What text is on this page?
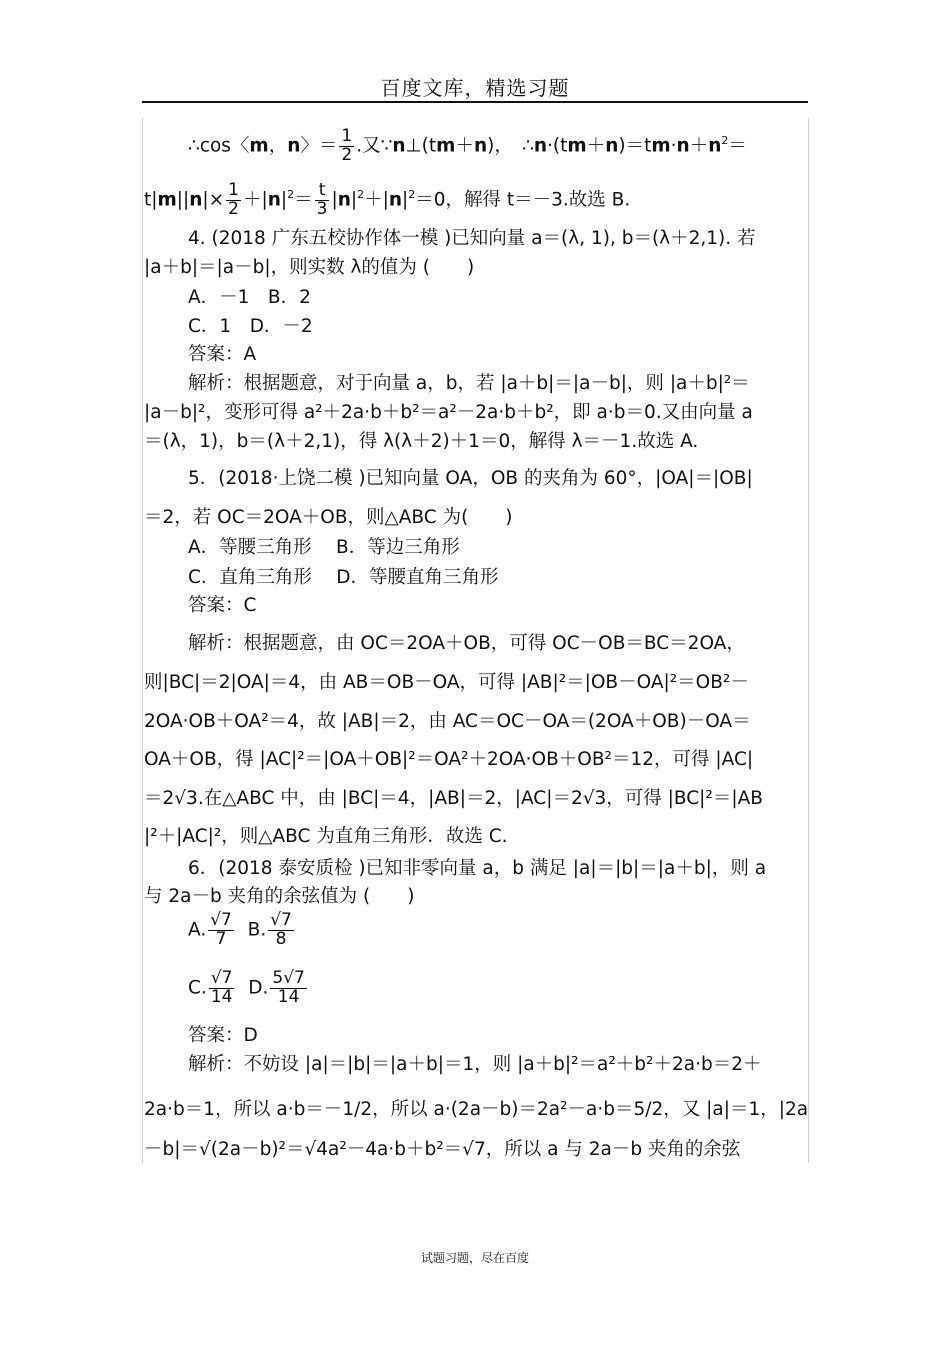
百度文库，精选习题
∴cos〈m，n〉＝ $\frac{1}{2}$ .又∵n⊥(tm＋n)，　$\therefore n\cdot(tm+n)=tm\cdot n+n^2=$
$t|m||n|\times \frac{1}{2} +|n|^2= \frac{t}{3} |n|^2+|n|^2=0$，解得 t＝－3.故选 B.
4. (2018 广东五校协作体一模 )已知向量 a＝(λ, 1), b＝(λ＋2,1). 若
|a＋b|＝|a－b|，则实数 λ的值为 (　　)
A．－1　B．2
C．1　D．－2
答案：A
解析：根据题意，对于向量 a，b，若 |a＋b|＝|a－b|，则 |a＋b|²＝
|a－b|²，变形可得 a²＋2a·b＋b²＝a²－2a·b＋b²，即 a·b＝0.又由向量 a
＝(λ，1)，b＝(λ＋2,1)，得 λ(λ＋2)＋1＝0，解得 λ＝－1.故选 A.
5．(2018·上饶二模 )已知向量 OA，OB 的夹角为 60°，|OA|＝|OB|
＝2，若 OC＝2OA＋OB，则△ABC 为(　　)
A．等腰三角形　 B．等边三角形
C．直角三角形　 D．等腰直角三角形
答案：C
解析：根据题意，由 OC＝2OA＋OB，可得 OC－OB＝BC＝2OA，
则|BC|＝2|OA|＝4，由 AB＝OB－OA，可得 |AB|²＝|OB－OA|²＝OB²－
2OA·OB＋OA²＝4，故 |AB|＝2，由 AC＝OC－OA＝(2OA＋OB)－OA＝
OA＋OB，得 |AC|²＝|OA＋OB|²＝OA²＋2OA·OB＋OB²＝12，可得 |AC|
＝2√3.在△ABC 中，由 |BC|＝4，|AB|＝2，|AC|＝2√3，可得 |BC|²＝|AB
|²＋|AC|²，则△ABC 为直角三角形．故选 C.
6．(2018 泰安质检 )已知非零向量 a，b 满足 |a|＝|b|＝|a＋b|，则 a
与 2a－b 夹角的余弦值为 (　　)
A. $\frac{√7}{7} B$. $\frac{√7}{8}$
C. $\frac{√7}{14} D$. $\frac{5√7}{14}$
答案：D
解析：不妨设 |a|＝|b|＝|a＋b|＝1，则 |a＋b|²＝a²＋b²＋2a·b＝2＋
2a·b＝1，所以 a·b＝－1/2，所以 a·(2a－b)＝2a²－a·b＝5/2，又 |a|＝1，|2a
－b|＝√(2a－b)²＝√4a²－4a·b＋b²＝√7，所以 a 与 2a－b 夹角的余弦
试题习题，尽在百度
